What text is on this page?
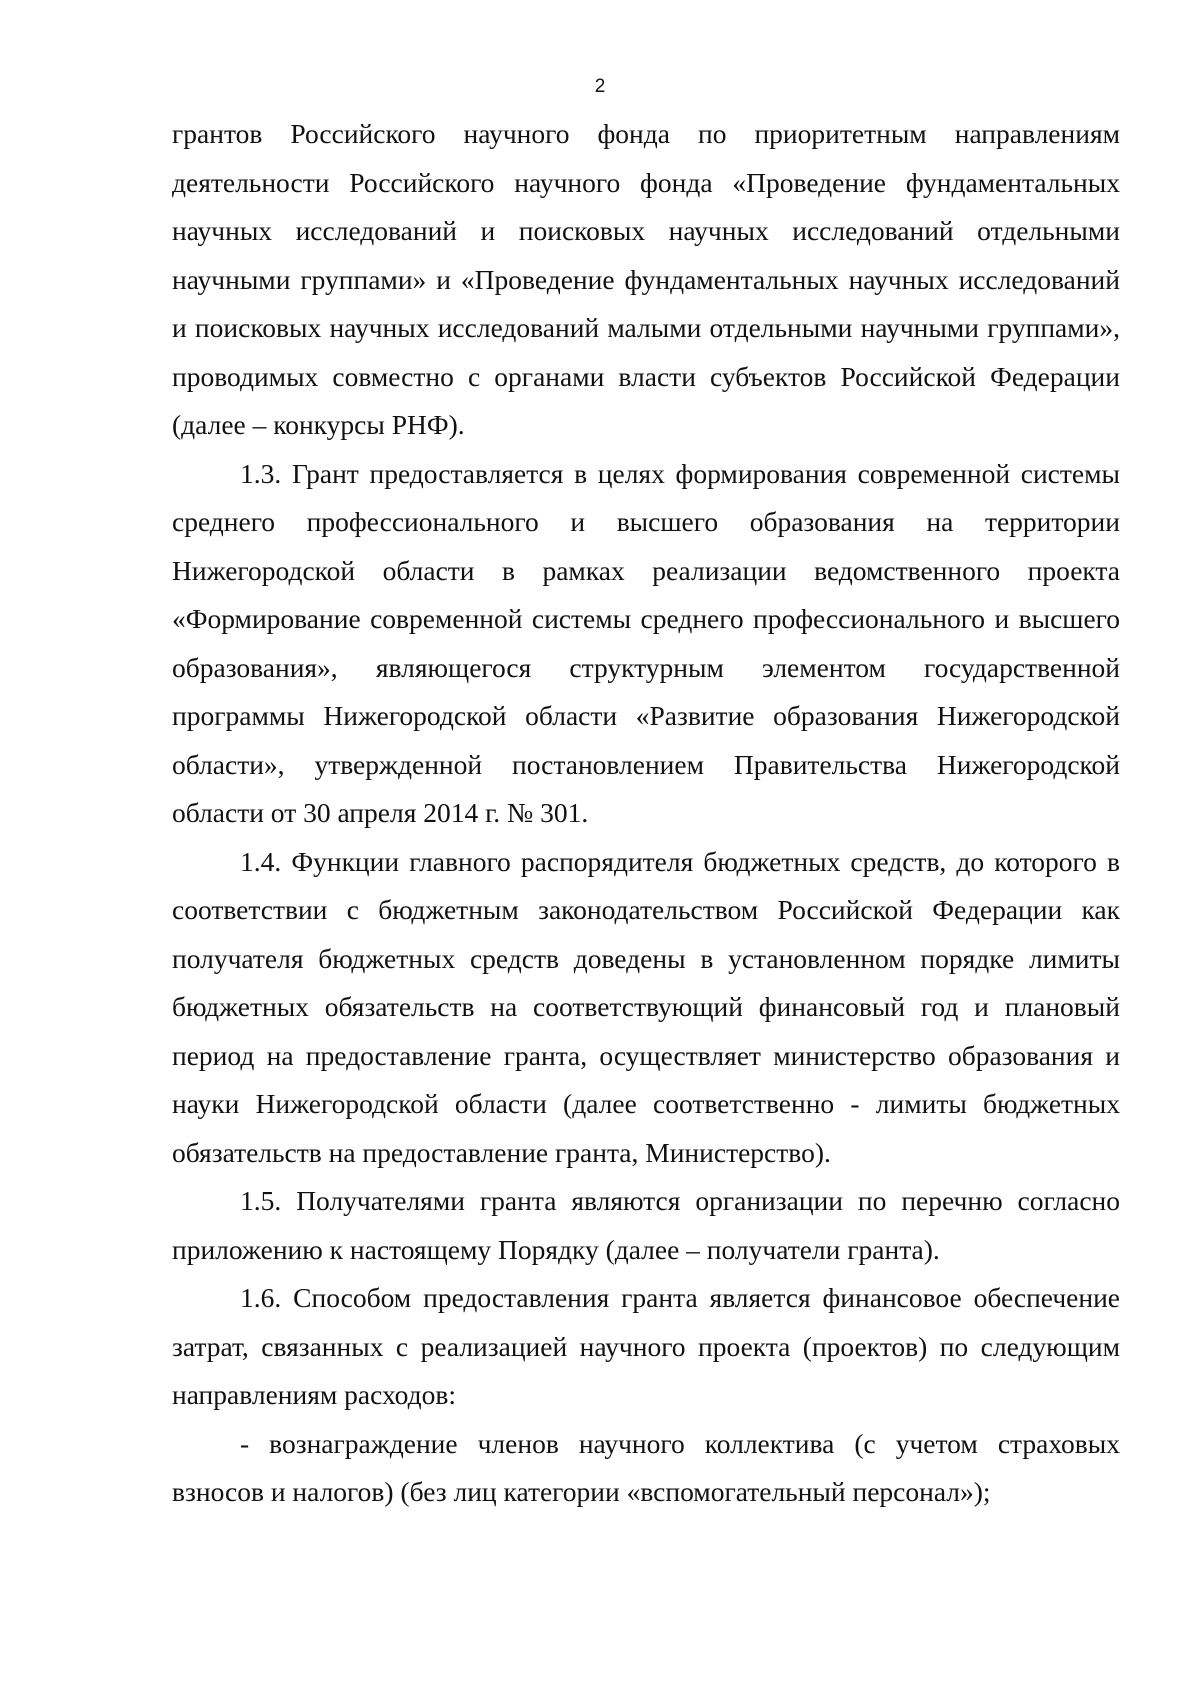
2

грантов Российского научного фонда по приоритетным направлениям деятельности Российского научного фонда «Проведение фундаментальных научных исследований и поисковых научных исследований отдельными научными группами» и «Проведение фундаментальных научных исследований и поисковых научных исследований малыми отдельными научными группами», проводимых совместно с органами власти субъектов Российской Федерации (далее – конкурсы РНФ).

1.3. Грант предоставляется в целях формирования современной системы среднего профессионального и высшего образования на территории Нижегородской области в рамках реализации ведомственного проекта «Формирование современной системы среднего профессионального и высшего образования», являющегося структурным элементом государственной программы Нижегородской области «Развитие образования Нижегородской области», утвержденной постановлением Правительства Нижегородской области от 30 апреля 2014 г. № 301.

1.4. Функции главного распорядителя бюджетных средств, до которого в соответствии с бюджетным законодательством Российской Федерации как получателя бюджетных средств доведены в установленном порядке лимиты бюджетных обязательств на соответствующий финансовый год и плановый период на предоставление гранта, осуществляет министерство образования и науки Нижегородской области (далее соответственно - лимиты бюджетных обязательств на предоставление гранта, Министерство).

1.5. Получателями гранта являются организации по перечню согласно приложению к настоящему Порядку (далее – получатели гранта).

1.6. Способом предоставления гранта является финансовое обеспечение затрат, связанных с реализацией научного проекта (проектов) по следующим направлениям расходов:

- вознаграждение членов научного коллектива (с учетом страховых взносов и налогов) (без лиц категории «вспомогательный персонал»);
